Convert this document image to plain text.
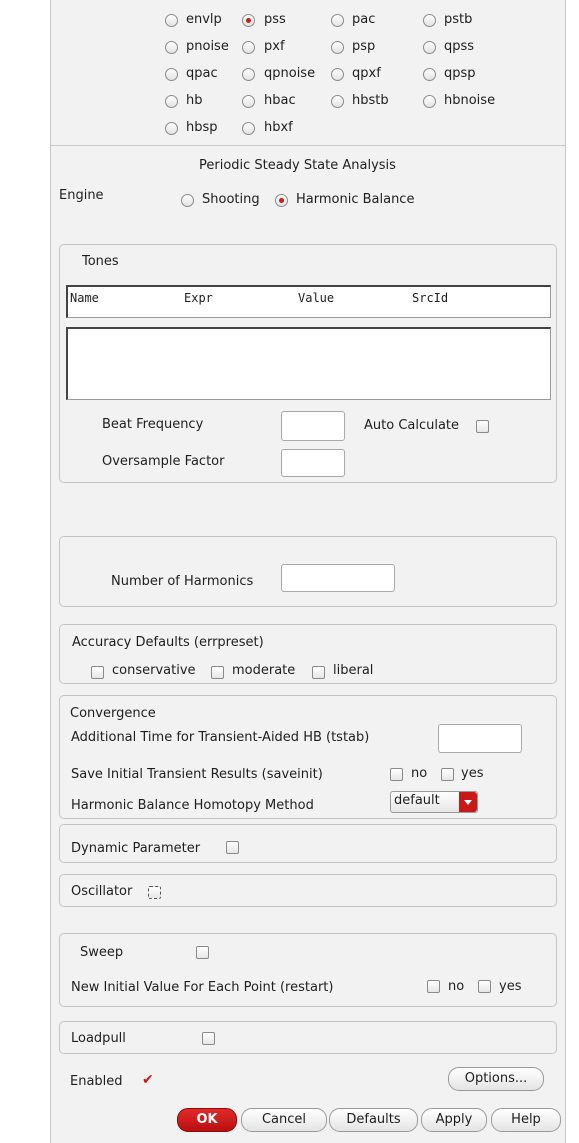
envlp	pss	pac	pstb
pnoise	pxf	psp	qpss
qpac	qpnoise	qpxf	qpsp
hb	hbac	hbstb	hbnoise
hbsp	hbxf
Periodic Steady State Analysis
Engine	Shooting	Harmonic Balance
Tones
Name	Expr	Value	SrcId
Beat Frequency	Auto Calculate
Oversample Factor
Number of Harmonics
Accuracy Defaults (errpreset)
conservative	moderate	liberal
Convergence
Additional Time for Transient-Aided HB (tstab)
Save Initial Transient Results (saveinit)	no	yes
Harmonic Balance Homotopy Method	default
Dynamic Parameter
Oscillator
Sweep
New Initial Value For Each Point (restart)	no	yes
Loadpull
Enabled
✔	Options...
OK	Cancel	Defaults	Apply	Help
